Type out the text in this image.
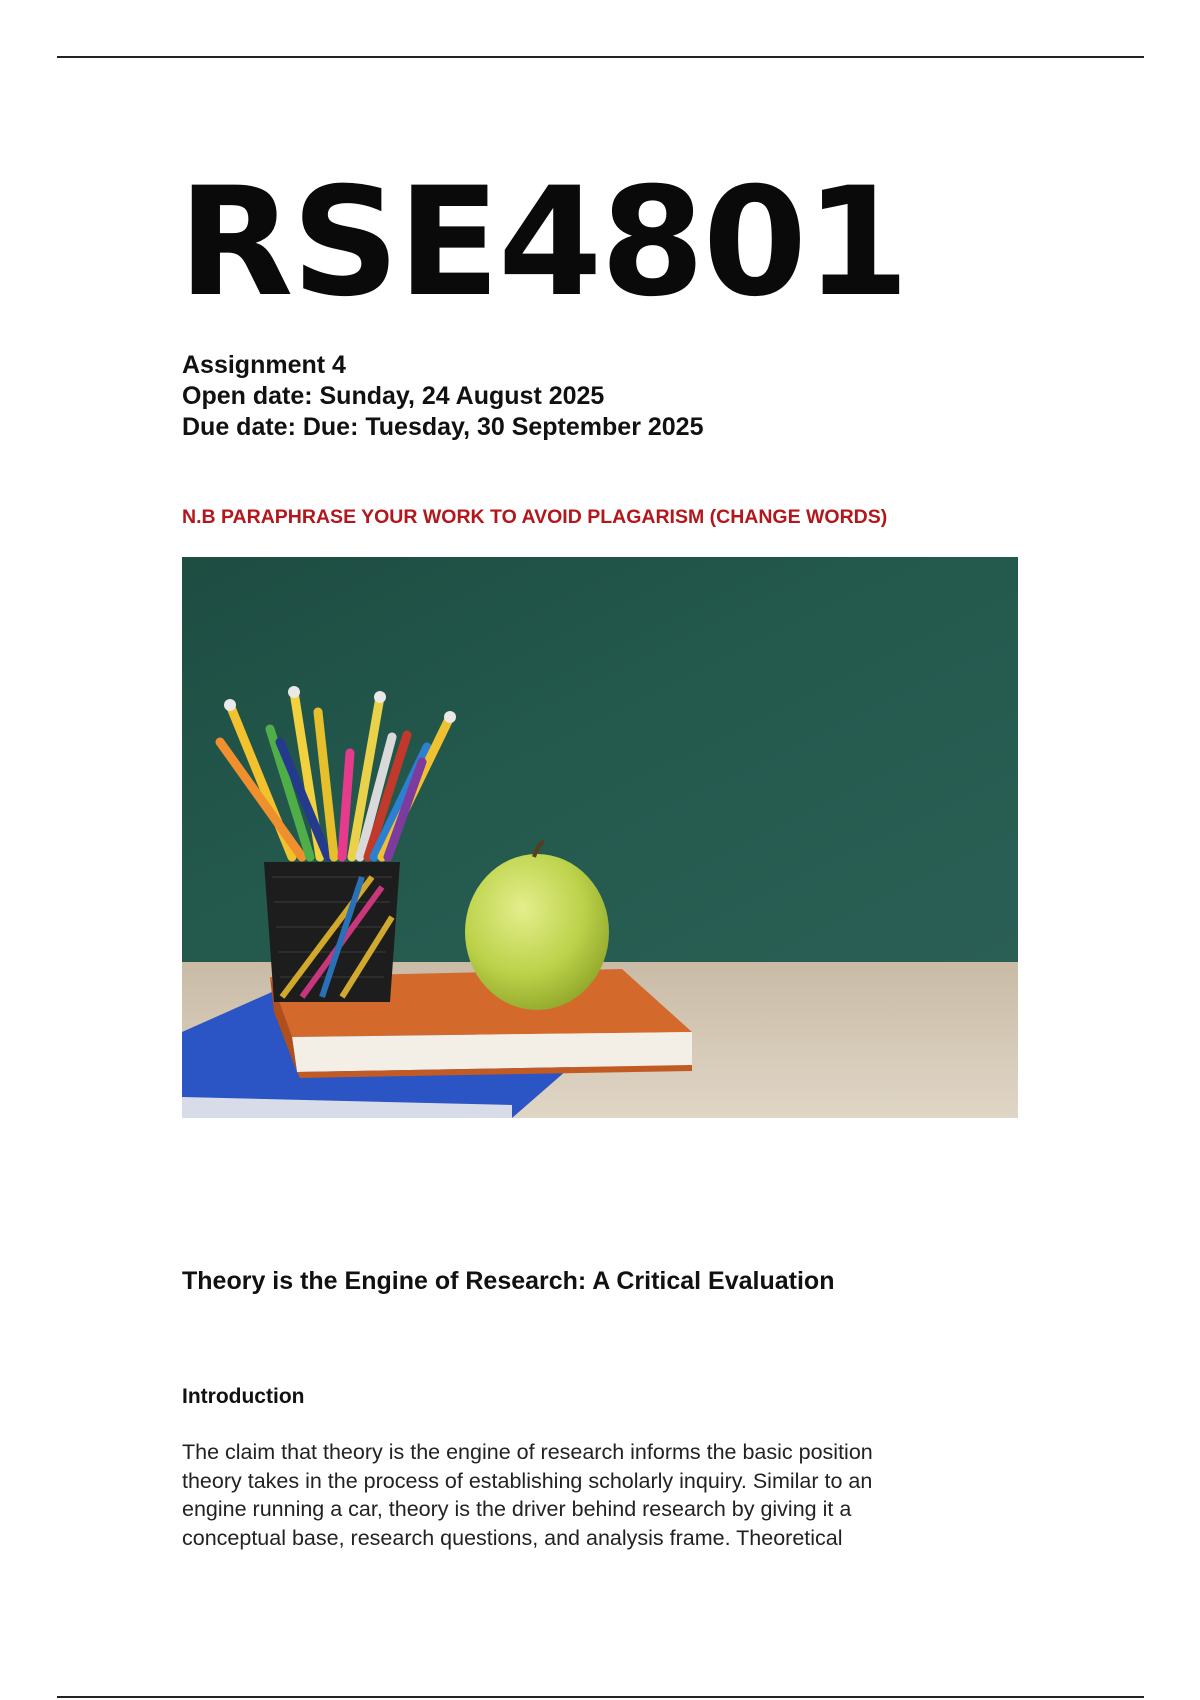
RSE4801
Assignment 4
Open date: Sunday, 24 August 2025
Due date: Due: Tuesday, 30 September 2025
N.B PARAPHRASE YOUR WORK TO AVOID PLAGARISM (CHANGE WORDS)
Theory is the Engine of Research: A Critical Evaluation
Introduction
The claim that theory is the engine of research informs the basic position
theory takes in the process of establishing scholarly inquiry. Similar to an
engine running a car, theory is the driver behind research by giving it a
conceptual base, research questions, and analysis frame. Theoretical
